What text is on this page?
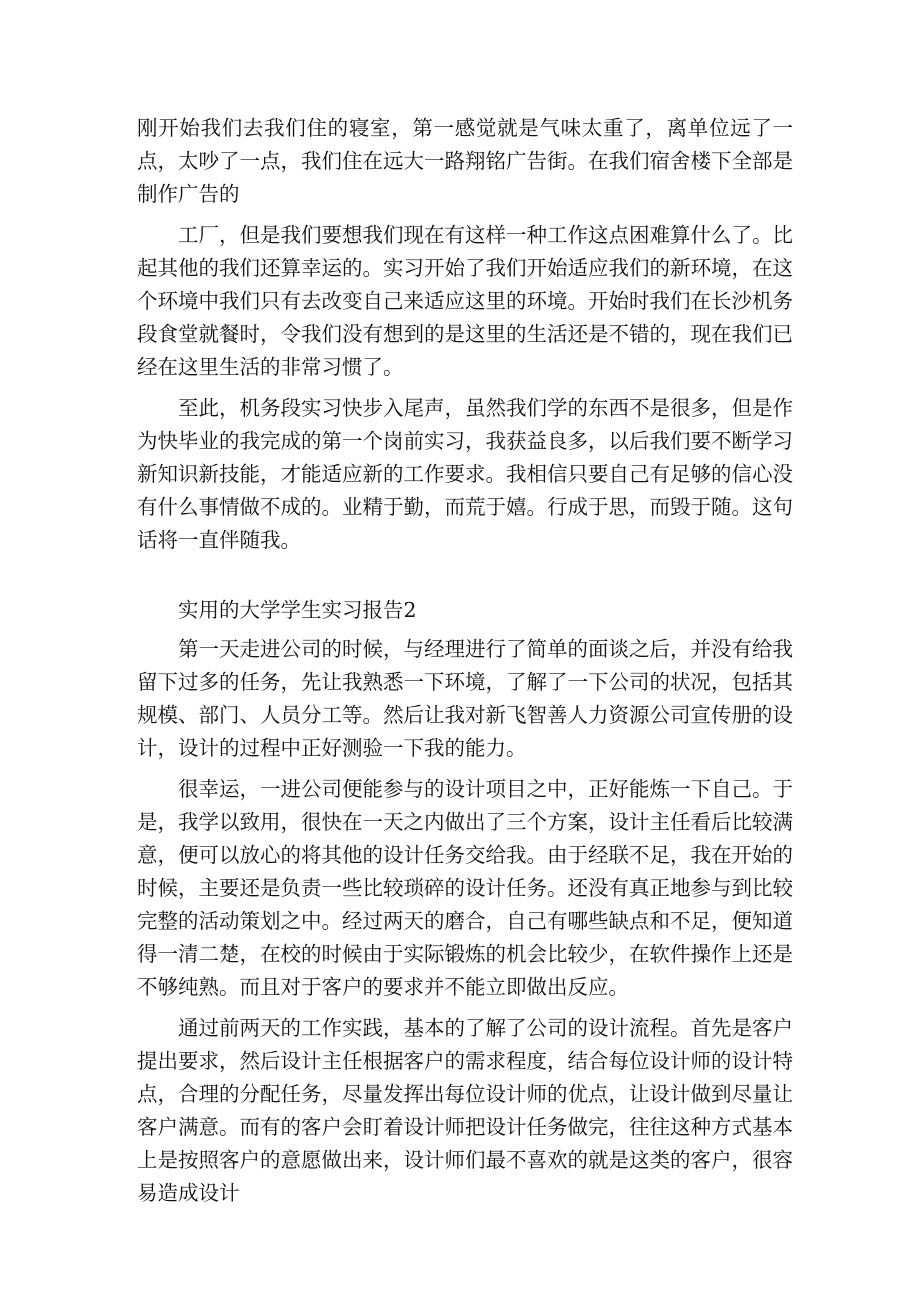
刚开始我们去我们住的寝室，第一感觉就是气味太重了，离单位远了一点，太吵了一点，我们住在远大一路翔铭广告街。在我们宿舍楼下全部是制作广告的

工厂，但是我们要想我们现在有这样一种工作这点困难算什么了。比起其他的我们还算幸运的。实习开始了我们开始适应我们的新环境，在这个环境中我们只有去改变自己来适应这里的环境。开始时我们在长沙机务段食堂就餐时，令我们没有想到的是这里的生活还是不错的，现在我们已经在这里生活的非常习惯了。

至此，机务段实习快步入尾声，虽然我们学的东西不是很多，但是作为快毕业的我完成的第一个岗前实习，我获益良多，以后我们要不断学习新知识新技能，才能适应新的工作要求。我相信只要自己有足够的信心没有什么事情做不成的。业精于勤，而荒于嬉。行成于思，而毁于随。这句话将一直伴随我。

实用的大学学生实习报告2

第一天走进公司的时候，与经理进行了简单的面谈之后，并没有给我留下过多的任务，先让我熟悉一下环境，了解了一下公司的状况，包括其规模、部门、人员分工等。然后让我对新飞智善人力资源公司宣传册的设计，设计的过程中正好测验一下我的能力。

很幸运，一进公司便能参与的设计项目之中，正好能炼一下自己。于是，我学以致用，很快在一天之内做出了三个方案，设计主任看后比较满意，便可以放心的将其他的设计任务交给我。由于经联不足，我在开始的时候，主要还是负责一些比较琐碎的设计任务。还没有真正地参与到比较完整的活动策划之中。经过两天的磨合，自己有哪些缺点和不足，便知道得一清二楚，在校的时候由于实际锻炼的机会比较少，在软件操作上还是不够纯熟。而且对于客户的要求并不能立即做出反应。

通过前两天的工作实践，基本的了解了公司的设计流程。首先是客户提出要求，然后设计主任根据客户的需求程度，结合每位设计师的设计特点，合理的分配任务，尽量发挥出每位设计师的优点，让设计做到尽量让客户满意。而有的客户会盯着设计师把设计任务做完，往往这种方式基本上是按照客户的意愿做出来，设计师们最不喜欢的就是这类的客户，很容易造成设计
